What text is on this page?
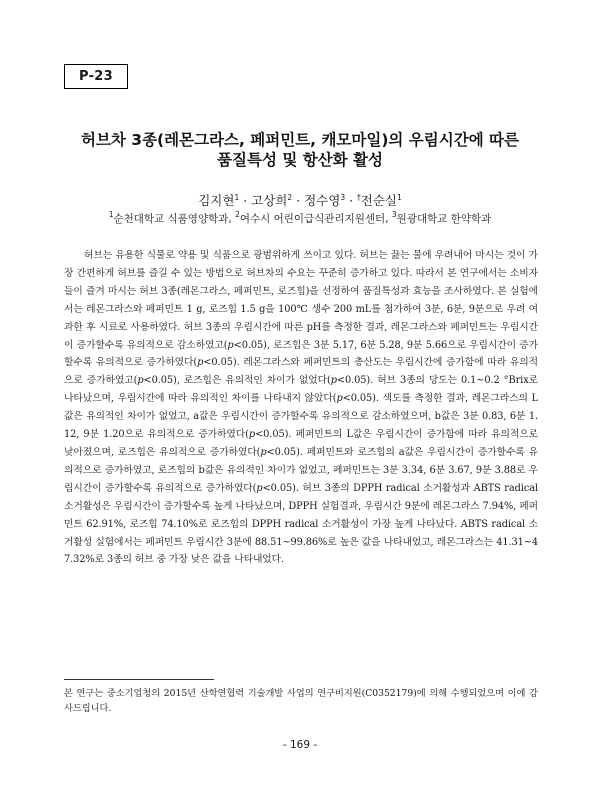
P-23
허브차 3종(레몬그라스, 페퍼민트, 캐모마일)의 우림시간에 따른
품질특성 및 항산화 활성
김지현$^1$ · 고상희$^2$ · 정수영$^3$ · †전순실$^1$
$^1$순천대학교 식품영양학과, $^2$여수시 어린이급식관리지원센터, $^3$원광대학교 한약학과
허브는 유용한 식물로 약용 및 식품으로 광범위하게 쓰이고 있다. 허브는 끓는 물에 우려내어 마시는 것이 가장 간편하게 허브를 즐길 수 있는 방법으로 허브차의 수요는 꾸준히 증가하고 있다. 따라서 본 연구에서는 소비자들이 즐겨 마시는 허브 3종(레몬그라스, 페퍼민트, 로즈힙)을 선정하여 품질특성과 효능을 조사하였다. 본 실험에서는 레몬그라스와 페퍼민트 1 g, 로즈힙 1.5 g을 100℃ 생수 200 mL를 첨가하여 3분, 6분, 9분으로 우려 여과한 후 시료로 사용하였다. 허브 3종의 우림시간에 따른 pH를 측정한 결과, 레몬그라스와 페퍼민트는 우림시간이 증가할수록 유의적으로 감소하였고(p<0.05), 로즈힙은 3분 5.17, 6분 5.28, 9분 5.66으로 우림시간이 증가할수록 유의적으로 증가하였다(p<0.05). 레몬그라스와 페퍼민트의 총산도는 우림시간에 증가함에 따라 유의적으로 증가하였고(p<0.05), 로즈힙은 유의적인 차이가 없었다(p<0.05). 허브 3종의 당도는 0.1~0.2 °Brix로 나타났으며, 우림시간에 따라 유의적인 차이를 나타내지 않았다(p<0.05). 색도를 측정한 결과, 레몬그라스의 L값은 유의적인 차이가 없었고, a값은 우림시간이 증가할수록 유의적으로 감소하였으며, b값은 3분 0.83, 6분 1.12, 9분 1.20으로 유의적으로 증가하였다(p<0.05). 페퍼민트의 L값은 우림시간이 증가함에 따라 유의적으로 낮아졌으며, 로즈힙은 유의적으로 증가하였다(p<0.05). 페퍼민트와 로즈힙의 a값은 우림시간이 증가할수록 유의적으로 증가하였고, 로즈힙의 b값은 유의적인 차이가 없었고, 페퍼민트는 3분 3.34, 6분 3.67, 9분 3.88로 우림시간이 증가할수록 유의적으로 증가하였다(p<0.05). 허브 3종의 DPPH radical 소거활성과 ABTS radical 소거활성은 우림시간이 증가할수록 높게 나타났으며, DPPH 실험결과, 우림시간 9분에 레몬그라스 7.94%, 페퍼민트 62.91%, 로즈힙 74.10%로 로즈힙의 DPPH radical 소거활성이 가장 높게 나타났다. ABTS radical 소거활성 실험에서는 페퍼민트 우림시간 3분에 88.51~99.86%로 높은 값을 나타내었고, 레몬그라스는 41.31~47.32%로 3종의 허브 중 가장 낮은 값을 나타내었다.
본 연구는 중소기업청의 2015년 산학연협력 기술개발 사업의 연구비지원(C0352179)에 의해 수행되었으며 이에 감사드립니다.
- 169 -
